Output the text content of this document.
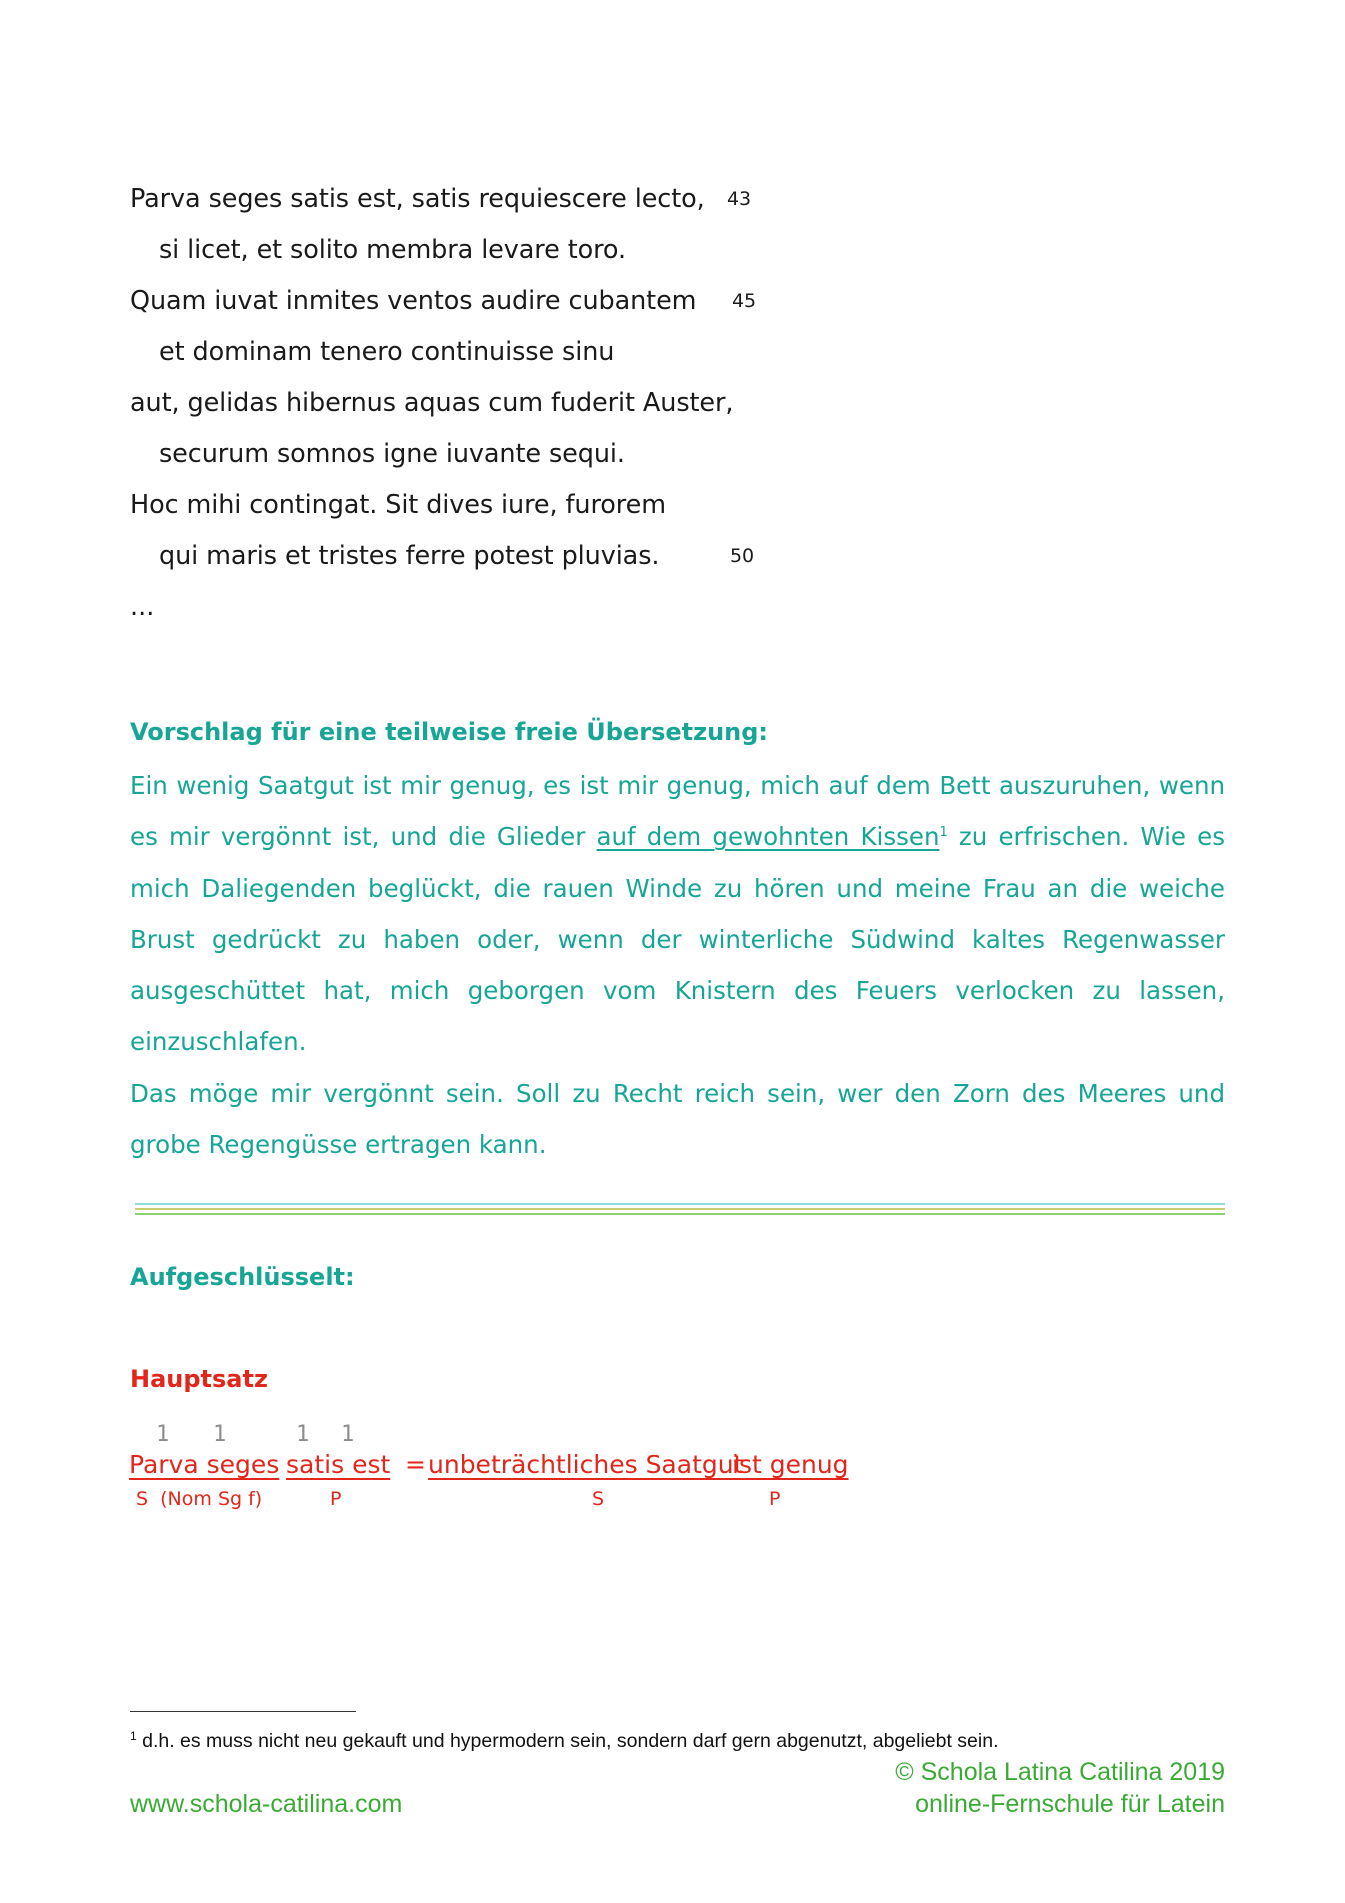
Parva seges satis est, satis requiescere lecto, 43
si licet, et solito membra levare toro.
Quam iuvat inmites ventos audire cubantem 45
et dominam tenero continuisse sinu
aut, gelidas hibernus aquas cum fuderit Auster,
securum somnos igne iuvante sequi.
Hoc mihi contingat. Sit dives iure, furorem
qui maris et tristes ferre potest pluvias.	50
...
Vorschlag für eine teilweise freie Übersetzung:

Ein wenig Saatgut ist mir genug, es ist mir genug, mich auf dem Bett auszuruhen, wenn es mir vergönnt ist, und die Glieder auf dem gewohnten Kissen$^1$ zu erfrischen. Wie es mich Daliegenden beglückt, die rauen Winde zu hören und meine Frau an die weiche Brust gedrückt zu haben oder, wenn der winterliche Südwind kaltes Regenwasser ausgeschüttet hat, mich geborgen vom Knistern des Feuers verlocken zu lassen, einzuschlafen.

Das möge mir vergönnt sein. Soll zu Recht reich sein, wer den Zorn des Meeres und grobe Regengüsse ertragen kann.

Aufgeschlüsselt:
Hauptsatz
1 1	1 1
Parva seges satis est = unbeträchtliches Saatgut
ist genug
S  (Nom Sg f)	P	S	P
$^1$ d.h. es muss nicht neu gekauft und hypermodern sein, sondern darf gern abgenutzt, abgeliebt sein.
© Schola Latina Catilina 2019
www.schola-catilina.com	online-Fernschule für Latein
